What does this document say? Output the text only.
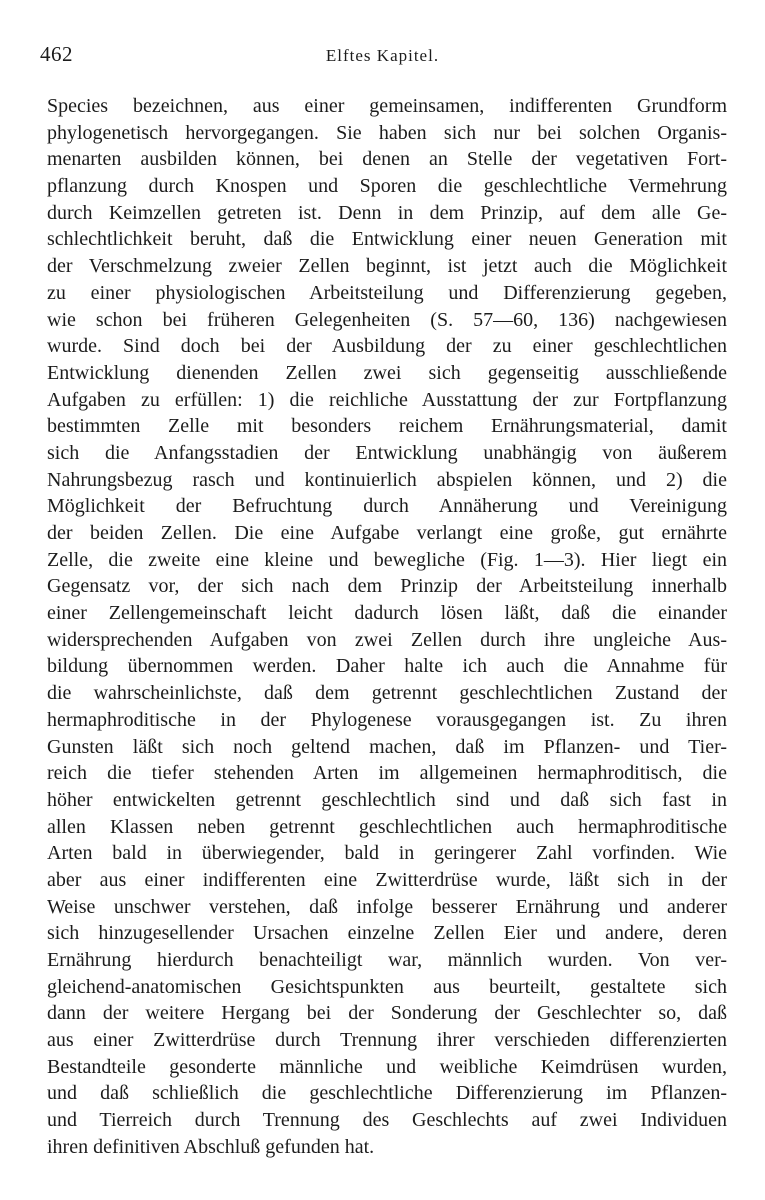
462	Elftes Kapitel.
Species bezeichnen, aus einer gemeinsamen, indifferenten Grundform
phylogenetisch hervorgegangen. Sie haben sich nur bei solchen Organis-
menarten ausbilden können, bei denen an Stelle der vegetativen Fort-
pflanzung durch Knospen und Sporen die geschlechtliche Vermehrung
durch Keimzellen getreten ist. Denn in dem Prinzip, auf dem alle Ge-
schlechtlichkeit beruht, daß die Entwicklung einer neuen Generation mit
der Verschmelzung zweier Zellen beginnt, ist jetzt auch die Möglichkeit
zu einer physiologischen Arbeitsteilung und Differenzierung gegeben,
wie schon bei früheren Gelegenheiten (S. 57—60, 136) nachgewiesen
wurde. Sind doch bei der Ausbildung der zu einer geschlechtlichen
Entwicklung dienenden Zellen zwei sich gegenseitig ausschließende
Aufgaben zu erfüllen: 1) die reichliche Ausstattung der zur Fortpflanzung
bestimmten Zelle mit besonders reichem Ernährungsmaterial, damit
sich die Anfangsstadien der Entwicklung unabhängig von äußerem
Nahrungsbezug rasch und kontinuierlich abspielen können, und 2) die
Möglichkeit der Befruchtung durch Annäherung und Vereinigung
der beiden Zellen. Die eine Aufgabe verlangt eine große, gut ernährte
Zelle, die zweite eine kleine und bewegliche (Fig. 1—3). Hier liegt ein
Gegensatz vor, der sich nach dem Prinzip der Arbeitsteilung innerhalb
einer Zellengemeinschaft leicht dadurch lösen läßt, daß die einander
widersprechenden Aufgaben von zwei Zellen durch ihre ungleiche Aus-
bildung übernommen werden. Daher halte ich auch die Annahme für
die wahrscheinlichste, daß dem getrennt geschlechtlichen Zustand der
hermaphroditische in der Phylogenese vorausgegangen ist. Zu ihren
Gunsten läßt sich noch geltend machen, daß im Pflanzen- und Tier-
reich die tiefer stehenden Arten im allgemeinen hermaphroditisch, die
höher entwickelten getrennt geschlechtlich sind und daß sich fast in
allen Klassen neben getrennt geschlechtlichen auch hermaphroditische
Arten bald in überwiegender, bald in geringerer Zahl vorfinden. Wie
aber aus einer indifferenten eine Zwitterdrüse wurde, läßt sich in der
Weise unschwer verstehen, daß infolge besserer Ernährung und anderer
sich hinzugesellender Ursachen einzelne Zellen Eier und andere, deren
Ernährung hierdurch benachteiligt war, männlich wurden. Von ver-
gleichend-anatomischen Gesichtspunkten aus beurteilt, gestaltete sich
dann der weitere Hergang bei der Sonderung der Geschlechter so, daß
aus einer Zwitterdrüse durch Trennung ihrer verschieden differenzierten
Bestandteile gesonderte männliche und weibliche Keimdrüsen wurden,
und daß schließlich die geschlechtliche Differenzierung im Pflanzen-
und Tierreich durch Trennung des Geschlechts auf zwei Individuen
ihren definitiven Abschluß gefunden hat.
